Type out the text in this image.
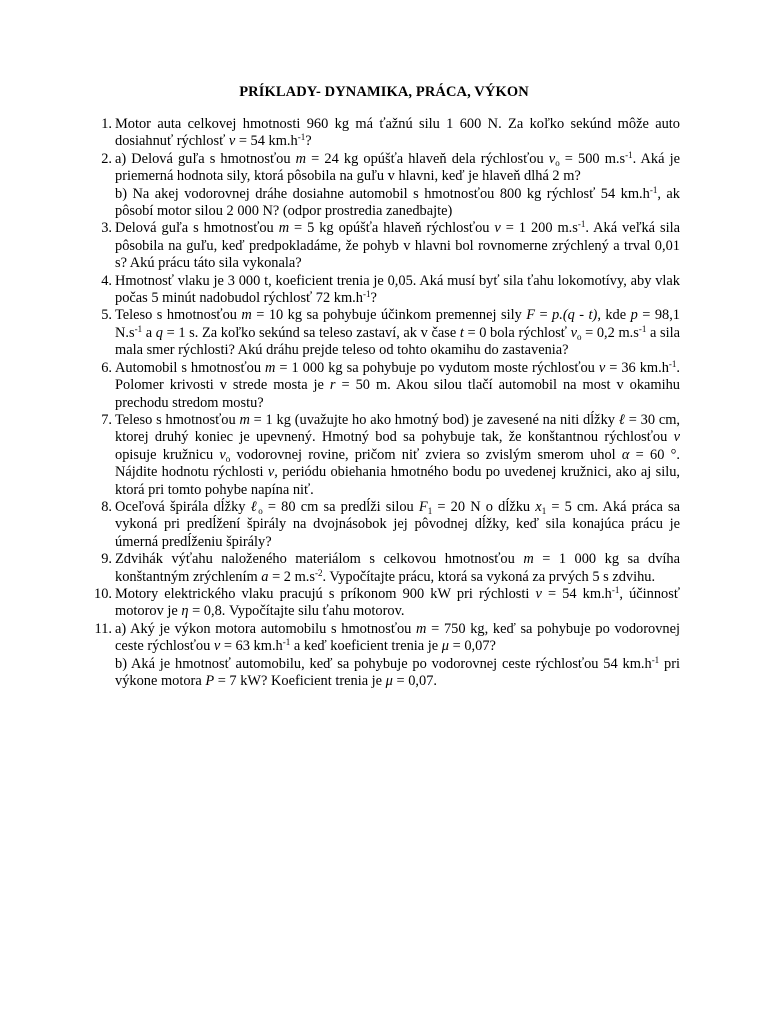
PRÍKLADY- DYNAMIKA, PRÁCA, VÝKON
1. Motor auta celkovej hmotnosti 960 kg má ťažnú silu 1 600 N. Za koľko sekúnd môže auto dosiahnuť rýchlosť v = 54 $km.h^{-1}$?
2. a) Delová guľa s hmotnosťou m = 24 kg opúšťa hlaveň dela rýchlosťou $v_o = 500$ $m.s^{-1}$. Aká je priemerná hodnota sily, ktorá pôsobila na guľu v hlavni, keď je hlaveň dlhá 2 m?
b) Na akej vodorovnej dráhe dosiahne automobil s hmotnosťou 800 kg rýchlosť 54 $km.h^{-1}$, ak pôsobí motor silou 2 000 N? (odpor prostredia zanedbajte)
3. Delová guľa s hmotnosťou m = 5 kg opúšťa hlaveň rýchlosťou v = 1 200 $m.s^{-1}$. Aká veľká sila pôsobila na guľu, keď predpokladáme, že pohyb v hlavni bol rovnomerne zrýchlený a trval 0,01 s? Akú prácu táto sila vykonala?
4. Hmotnosť vlaku je 3 000 t, koeficient trenia je 0,05. Aká musí byť sila ťahu lokomotívy, aby vlak počas 5 minút nadobudol rýchlosť 72 $km.h^{-1}$?
5. Teleso s hmotnosťou m = 10 kg sa pohybuje účinkom premennej sily F = p.(q - t), kde p = 98,1 $N.s^{-1}$ a q = 1 s. Za koľko sekúnd sa teleso zastaví, ak v čase t = 0 bola rýchlosť $v_o = 0,2$ $m.s^{-1}$ a sila mala smer rýchlosti? Akú dráhu prejde teleso od tohto okamihu do zastavenia?
6. Automobil s hmotnosťou m = 1 000 kg sa pohybuje po vydutom moste rýchlosťou v = 36 $km.h^{-1}$. Polomer krivosti v strede mosta je r = 50 m. Akou silou tlačí automobil na most v okamihu prechodu stredom mostu?
7. Teleso s hmotnosťou m = 1 kg (uvažujte ho ako hmotný bod) je zavesené na niti dĺžky ℓ = 30 cm, ktorej druhý koniec je upevnený. Hmotný bod sa pohybuje tak, že konštantnou rýchlosťou v opisuje kružnicu $v_o$ vodorovnej rovine, pričom niť zviera so zvislým smerom uhol α = 60 °. Nájdite hodnotu rýchlosti v, periódu obiehania hmotného bodu po uvedenej kružnici, ako aj silu, ktorá pri tomto pohybe napína niť.
8. Oceľová špirála dĺžky ℓ$_o$ = 80 cm sa predĺži silou $F_1 = 20$ N o dĺžku $x_1 = 5$ cm. Aká práca sa vykoná pri predĺžení špirály na dvojnásobok jej pôvodnej dĺžky, keď sila konajúca prácu je úmerná predĺženiu špirály?
9. Zdvihák výťahu naloženého materiálom s celkovou hmotnosťou m = 1 000 kg sa dvíha konštantným zrýchlením a = 2 $m.s^{-2}$. Vypočítajte prácu, ktorá sa vykoná za prvých 5 s zdvihu.
10. Motory elektrického vlaku pracujú s príkonom 900 kW pri rýchlosti v = 54 $km.h^{-1}$, účinnosť motorov je η = 0,8. Vypočítajte silu ťahu motorov.
11. a) Aký je výkon motora automobilu s hmotnosťou m = 750 kg, keď sa pohybuje po vodorovnej ceste rýchlosťou v = 63 $km.h^{-1}$ a keď koeficient trenia je μ = 0,07?
b) Aká je hmotnosť automobilu, keď sa pohybuje po vodorovnej ceste rýchlosťou 54 $km.h^{-1}$ pri výkone motora P = 7 kW? Koeficient trenia je μ = 0,07.
